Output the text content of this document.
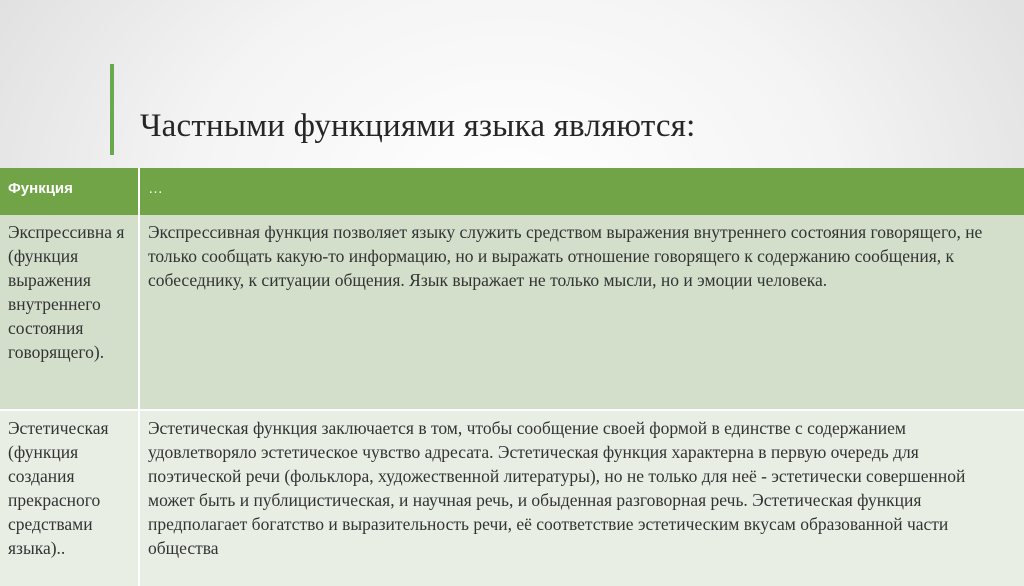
Частными функциями языка являются:
Функция	…
Экспрессивна я (функция выражения внутреннего состояния говорящего).	Экспрессивная функция позволяет языку служить средством выражения внутреннего состояния говорящего, не только сообщать какую-то информацию, но и выражать отношение говорящего к содержанию сообщения, к собеседнику, к ситуации общения. Язык выражает не только мысли, но и эмоции человека.
Эстетическая (функция создания прекрасного средствами языка)..	Эстетическая функция заключается в том, чтобы сообщение своей формой в единстве с содержанием удовлетворяло эстетическое чувство адресата. Эстетическая функция характерна в первую очередь для поэтической речи (фольклора, художественной литературы), но не только для неё - эстетически совершенной может быть и публицистическая, и научная речь, и обыденная разговорная речь. Эстетическая функция предполагает богатство и выразительность речи, её соответствие эстетическим вкусам образованной части общества
